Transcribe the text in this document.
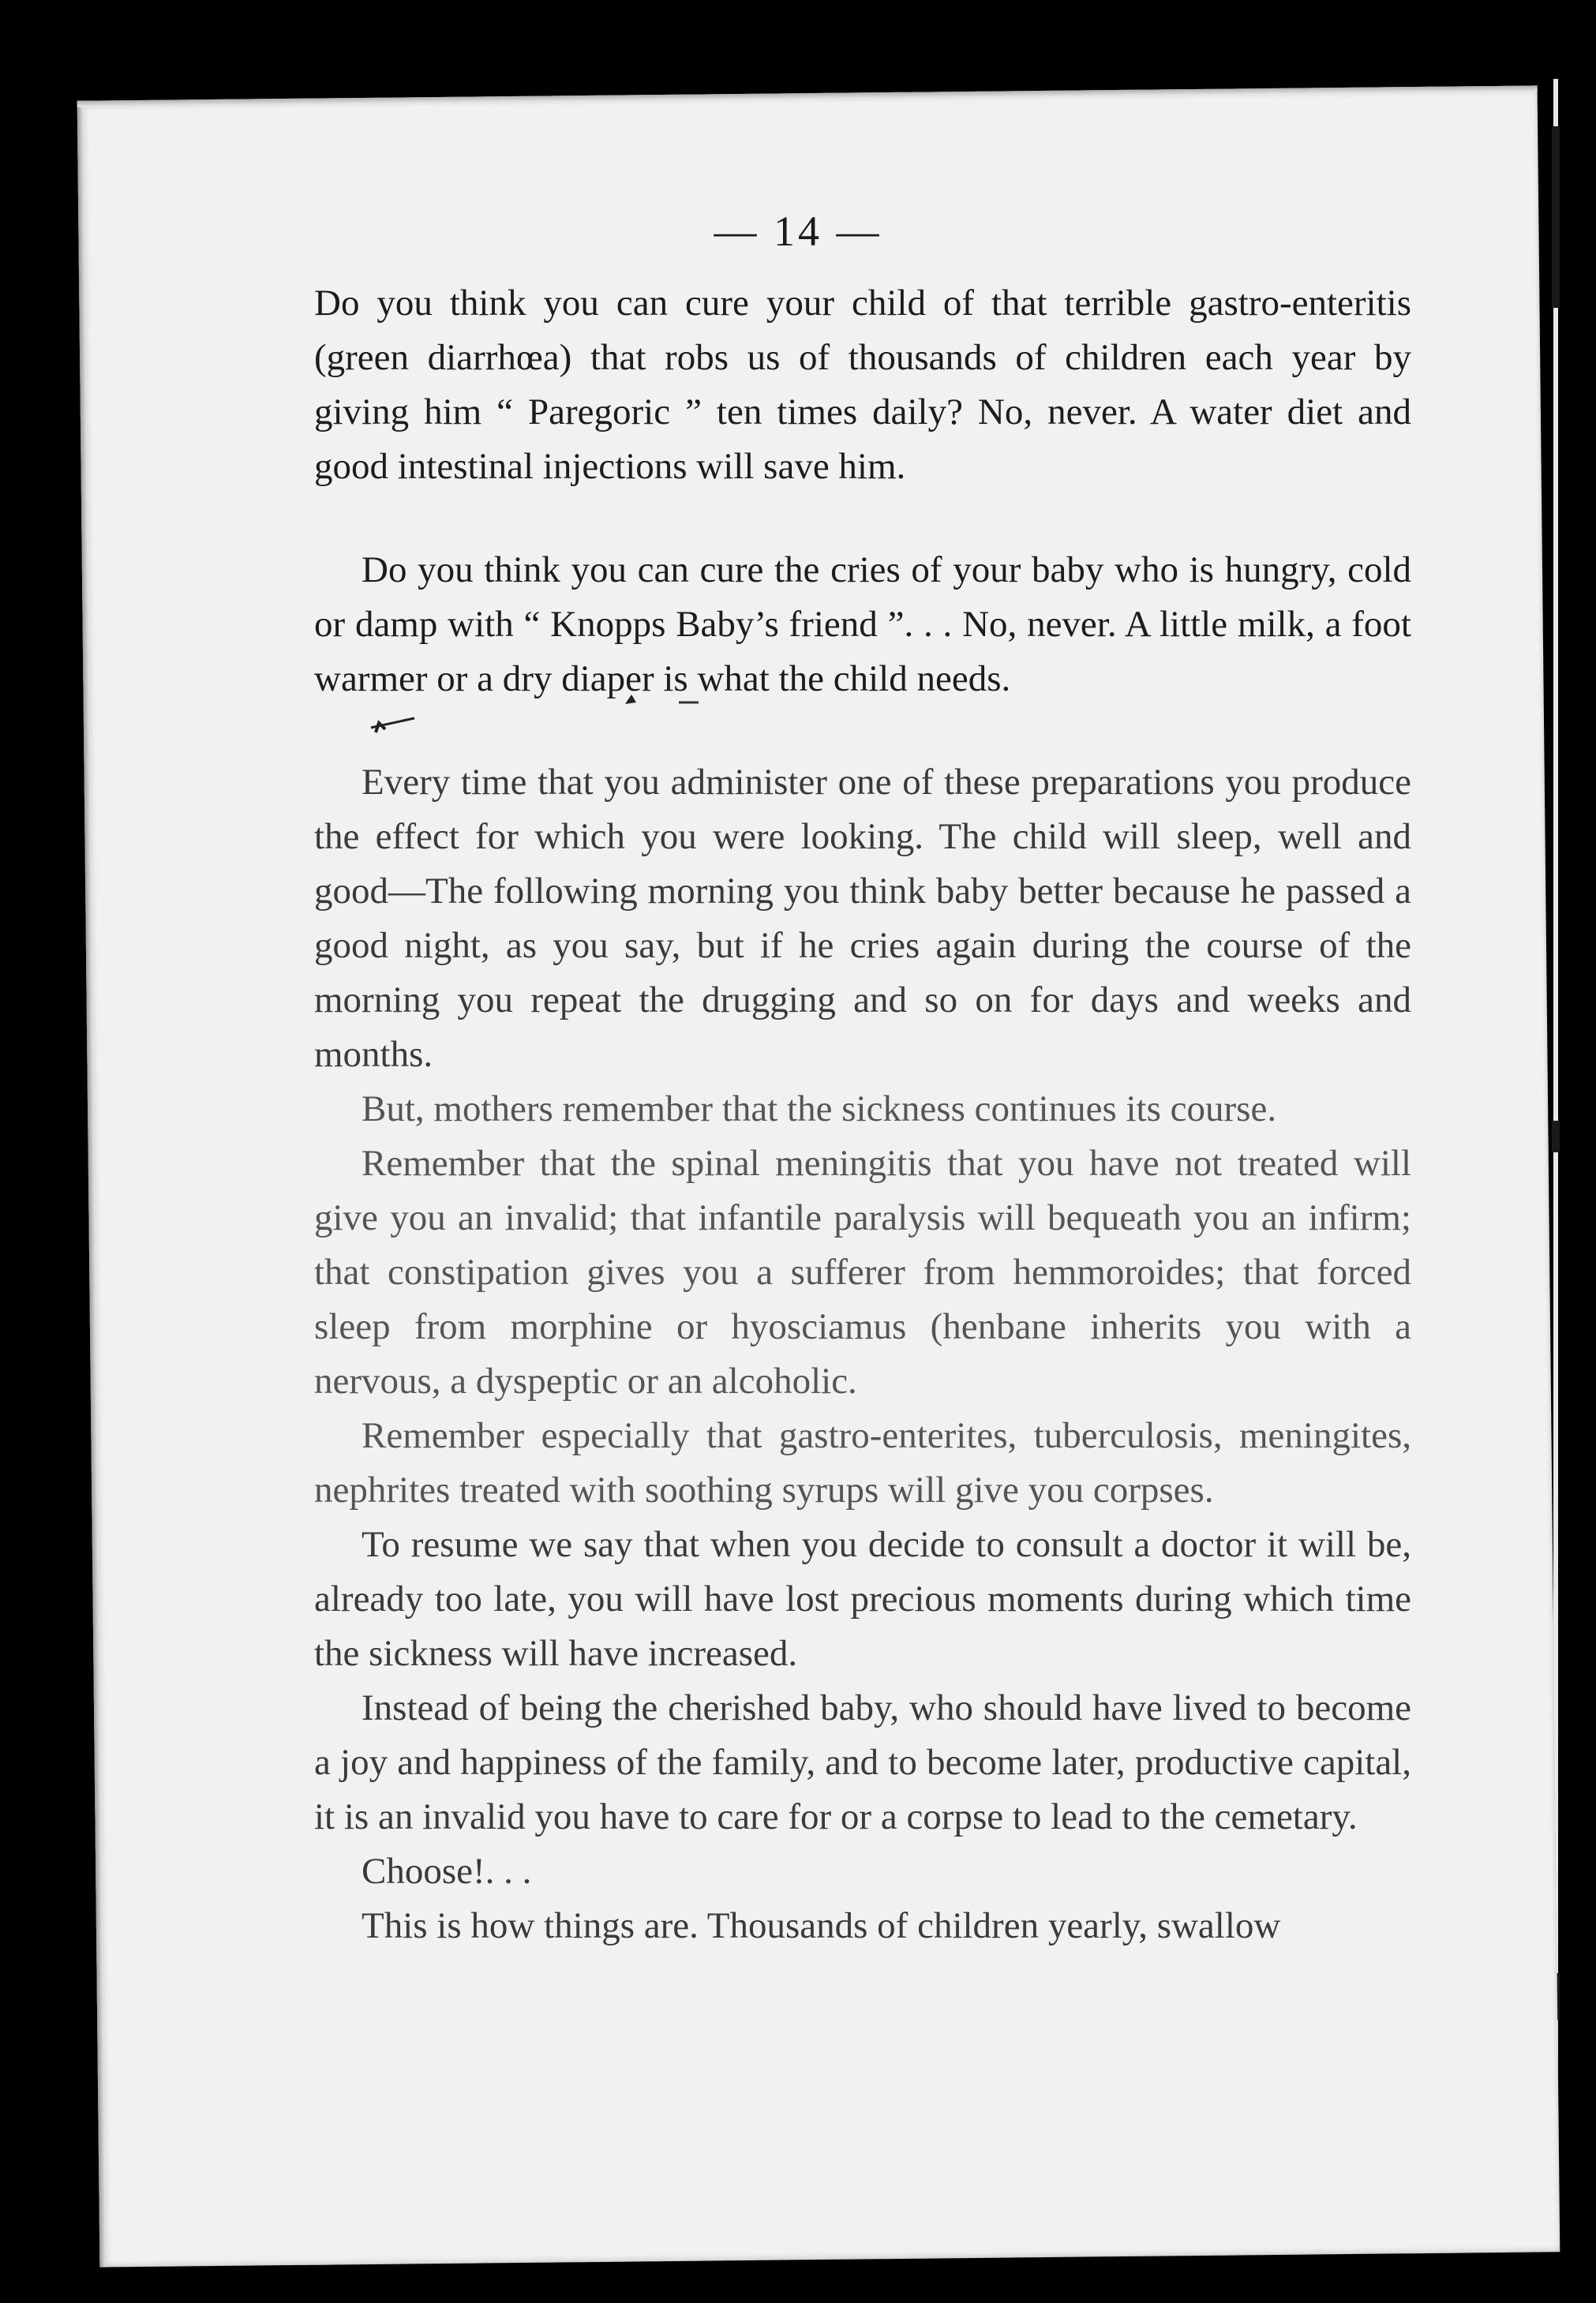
— 14 —

Do you think you can cure your child of that terrible gastro-enteritis (green diarrhœa) that robs us of thousands of children each year by giving him “ Paregoric ” ten times daily? No, never. A water diet and good intestinal injections will save him.

Do you think you can cure the cries of your baby who is hungry, cold or damp with “ Knopps Baby’s friend ”. . . No, never. A little milk, a foot warmer or a dry diaper is what the child needs.

Every time that you administer one of these preparations you produce the effect for which you were looking. The child will sleep, well and good—The following morning you think baby better because he passed a good night, as you say, but if he cries again during the course of the morning you repeat the drugging and so on for days and weeks and months.

But, mothers remember that the sickness continues its course.

Remember that the spinal meningitis that you have not treated will give you an invalid; that infantile paralysis will bequeath you an infirm; that constipation gives you a sufferer from hemmoroides; that forced sleep from morphine or hyosciamus (henbane inherits you with a nervous, a dyspeptic or an alcoholic.

Remember especially that gastro-enterites, tuberculosis, meningites, nephrites treated with soothing syrups will give you corpses.

To resume we say that when you decide to consult a doctor it will be, already too late, you will have lost precious moments during which time the sickness will have increased.

Instead of being the cherished baby, who should have lived to become a joy and happiness of the family, and to become later, productive capital, it is an invalid you have to care for or a corpse to lead to the cemetary.

Choose!. . .

This is how things are. Thousands of children yearly, swallow
